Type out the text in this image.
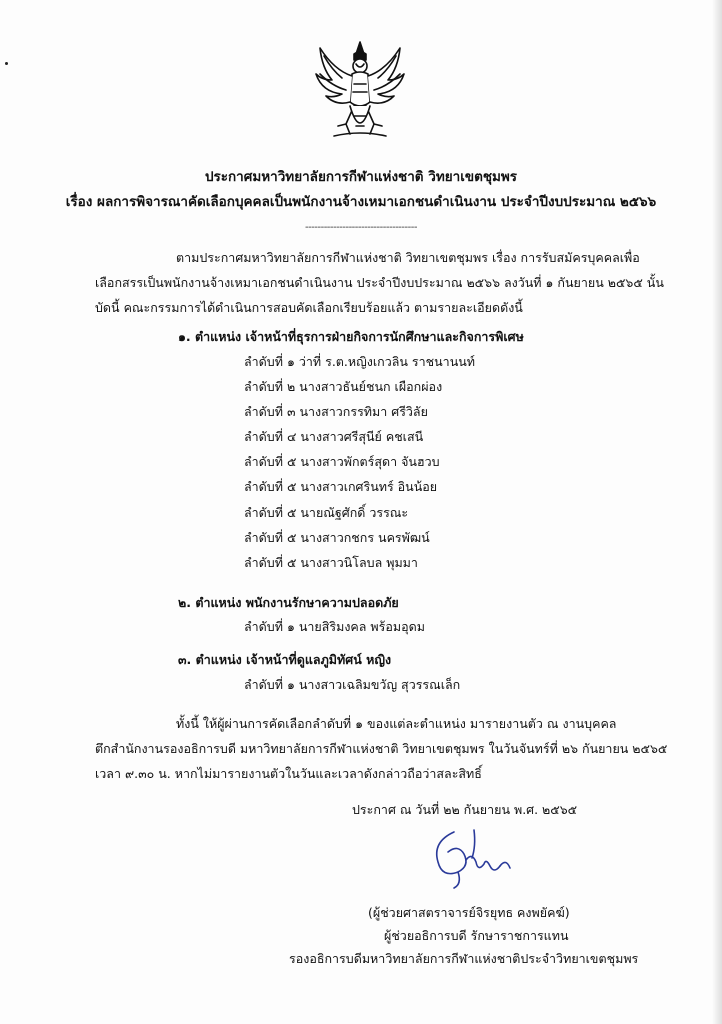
ประกาศมหาวิทยาลัยการกีฬาแห่งชาติ วิทยาเขตชุมพร
เรื่อง ผลการพิจารณาคัดเลือกบุคคลเป็นพนักงานจ้างเหมาเอกชนดำเนินงาน ประจำปีงบประมาณ ๒๕๖๖
------------------------------------
ตามประกาศมหาวิทยาลัยการกีฬาแห่งชาติ วิทยาเขตชุมพร เรื่อง การรับสมัครบุคคลเพื่อ
เลือกสรรเป็นพนักงานจ้างเหมาเอกชนดำเนินงาน ประจำปีงบประมาณ ๒๕๖๖ ลงวันที่ ๑ กันยายน ๒๕๖๕ นั้น
บัดนี้ คณะกรรมการได้ดำเนินการสอบคัดเลือกเรียบร้อยแล้ว ตามรายละเอียดดังนี้
๑. ตำแหน่ง เจ้าหน้าที่ธุรการฝ่ายกิจการนักศึกษาและกิจการพิเศษ
ลำดับที่ ๑ ว่าที่ ร.ต.หญิงเกวลิน ราชนานนท์
ลำดับที่ ๒ นางสาวธันย์ชนก เผือกผ่อง
ลำดับที่ ๓ นางสาวกรรทิมา ศรีวิลัย
ลำดับที่ ๔ นางสาวศรีสุนีย์ คชเสนี
ลำดับที่ ๕ นางสาวพักตร์สุดา จันฮวบ
ลำดับที่ ๕ นางสาวเกศรินทร์ อินน้อย
ลำดับที่ ๕ นายณัฐศักดิ์ วรรณะ
ลำดับที่ ๕ นางสาวกชกร นครพัฒน์
ลำดับที่ ๕ นางสาวนิโลบล พุมมา
๒. ตำแหน่ง พนักงานรักษาความปลอดภัย
ลำดับที่ ๑ นายสิริมงคล พร้อมอุดม
๓. ตำแหน่ง เจ้าหน้าที่ดูแลภูมิทัศน์ หญิง
ลำดับที่ ๑ นางสาวเฉลิมขวัญ สุวรรณเล็ก
ทั้งนี้ ให้ผู้ผ่านการคัดเลือกลำดับที่ ๑ ของแต่ละตำแหน่ง มารายงานตัว ณ งานบุคคล
ตึกสำนักงานรองอธิการบดี มหาวิทยาลัยการกีฬาแห่งชาติ วิทยาเขตชุมพร ในวันจันทร์ที่ ๒๖ กันยายน ๒๕๖๕
เวลา ๙.๓๐ น. หากไม่มารายงานตัวในวันและเวลาดังกล่าวถือว่าสละสิทธิ์
ประกาศ ณ วันที่ ๒๒ กันยายน พ.ศ. ๒๕๖๕
(ผู้ช่วยศาสตราจารย์จิรยุทธ คงพยัคฆ์)
ผู้ช่วยอธิการบดี รักษาราชการแทน
รองอธิการบดีมหาวิทยาลัยการกีฬาแห่งชาติประจำวิทยาเขตชุมพร
